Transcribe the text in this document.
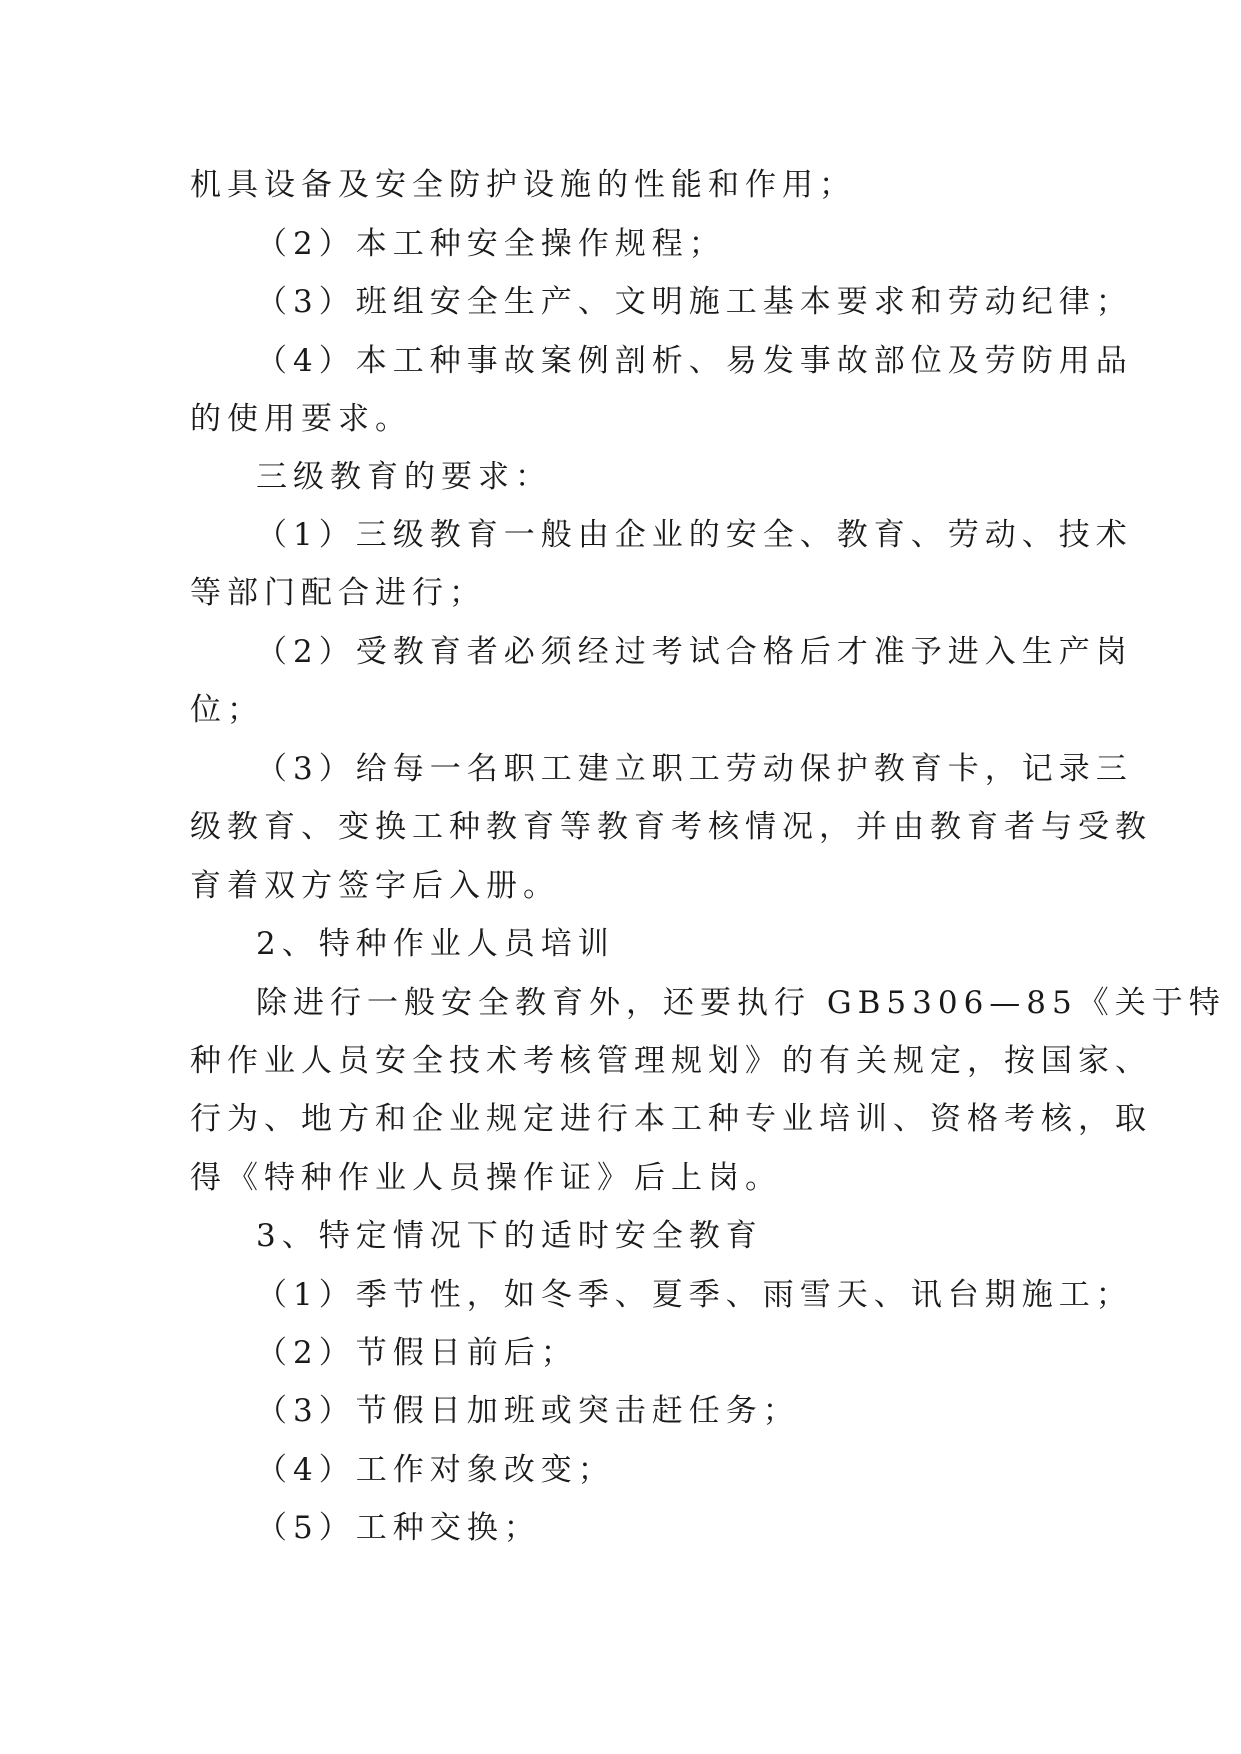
机具设备及安全防护设施的性能和作用；
（2）本工种安全操作规程；
（3）班组安全生产、文明施工基本要求和劳动纪律；
（4）本工种事故案例剖析、易发事故部位及劳防用品
的使用要求。
三级教育的要求：
（1）三级教育一般由企业的安全、教育、劳动、技术
等部门配合进行；
（2）受教育者必须经过考试合格后才准予进入生产岗
位；
（3）给每一名职工建立职工劳动保护教育卡，记录三
级教育、变换工种教育等教育考核情况，并由教育者与受教
育着双方签字后入册。
2、特种作业人员培训
除进行一般安全教育外，还要执行 GB5306—85《关于特
种作业人员安全技术考核管理规划》的有关规定，按国家、
行为、地方和企业规定进行本工种专业培训、资格考核，取
得《特种作业人员操作证》后上岗。
3、特定情况下的适时安全教育
（1）季节性，如冬季、夏季、雨雪天、讯台期施工；
（2）节假日前后；
（3）节假日加班或突击赶任务；
（4）工作对象改变；
（5）工种交换；
